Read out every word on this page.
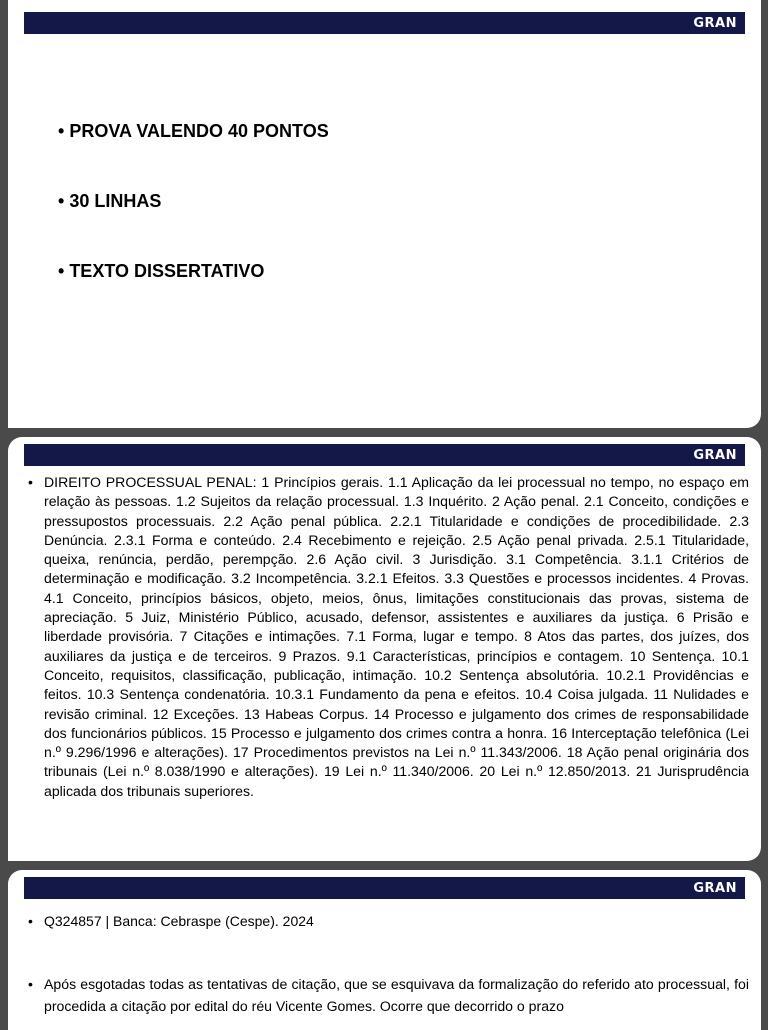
GRAN
• PROVA VALENDO 40 PONTOS
• 30 LINHAS
• TEXTO DISSERTATIVO
GRAN
• DIREITO PROCESSUAL PENAL: 1 Princípios gerais. 1.1 Aplicação da lei processual no tempo, no espaço em relação às pessoas. 1.2 Sujeitos da relação processual. 1.3 Inquérito. 2 Ação penal. 2.1 Conceito, condições e pressupostos processuais. 2.2 Ação penal pública. 2.2.1 Titularidade e condições de procedibilidade. 2.3 Denúncia. 2.3.1 Forma e conteúdo. 2.4 Recebimento e rejeição. 2.5 Ação penal privada. 2.5.1 Titularidade, queixa, renúncia, perdão, perempção. 2.6 Ação civil. 3 Jurisdição. 3.1 Competência. 3.1.1 Critérios de determinação e modificação. 3.2 Incompetência. 3.2.1 Efeitos. 3.3 Questões e processos incidentes. 4 Provas. 4.1 Conceito, princípios básicos, objeto, meios, ônus, limitações constitucionais das provas, sistema de apreciação. 5 Juiz, Ministério Público, acusado, defensor, assistentes e auxiliares da justiça. 6 Prisão e liberdade provisória. 7 Citações e intimações. 7.1 Forma, lugar e tempo. 8 Atos das partes, dos juízes, dos auxiliares da justiça e de terceiros. 9 Prazos. 9.1 Características, princípios e contagem. 10 Sentença. 10.1 Conceito, requisitos, classificação, publicação, intimação. 10.2 Sentença absolutória. 10.2.1 Providências e feitos. 10.3 Sentença condenatória. 10.3.1 Fundamento da pena e efeitos. 10.4 Coisa julgada. 11 Nulidades e revisão criminal. 12 Exceções. 13 Habeas Corpus. 14 Processo e julgamento dos crimes de responsabilidade dos funcionários públicos. 15 Processo e julgamento dos crimes contra a honra. 16 Interceptação telefônica (Lei n.º 9.296/1996 e alterações). 17 Procedimentos previstos na Lei n.º 11.343/2006. 18 Ação penal originária dos tribunais (Lei n.º 8.038/1990 e alterações). 19 Lei n.º 11.340/2006. 20 Lei n.º 12.850/2013. 21 Jurisprudência aplicada dos tribunais superiores.
GRAN
• Q324857 | Banca: Cebraspe (Cespe). 2024
• Após esgotadas todas as tentativas de citação, que se esquivava da formalização do referido ato processual, foi procedida a citação por edital do réu Vicente Gomes. Ocorre que decorrido o prazo
